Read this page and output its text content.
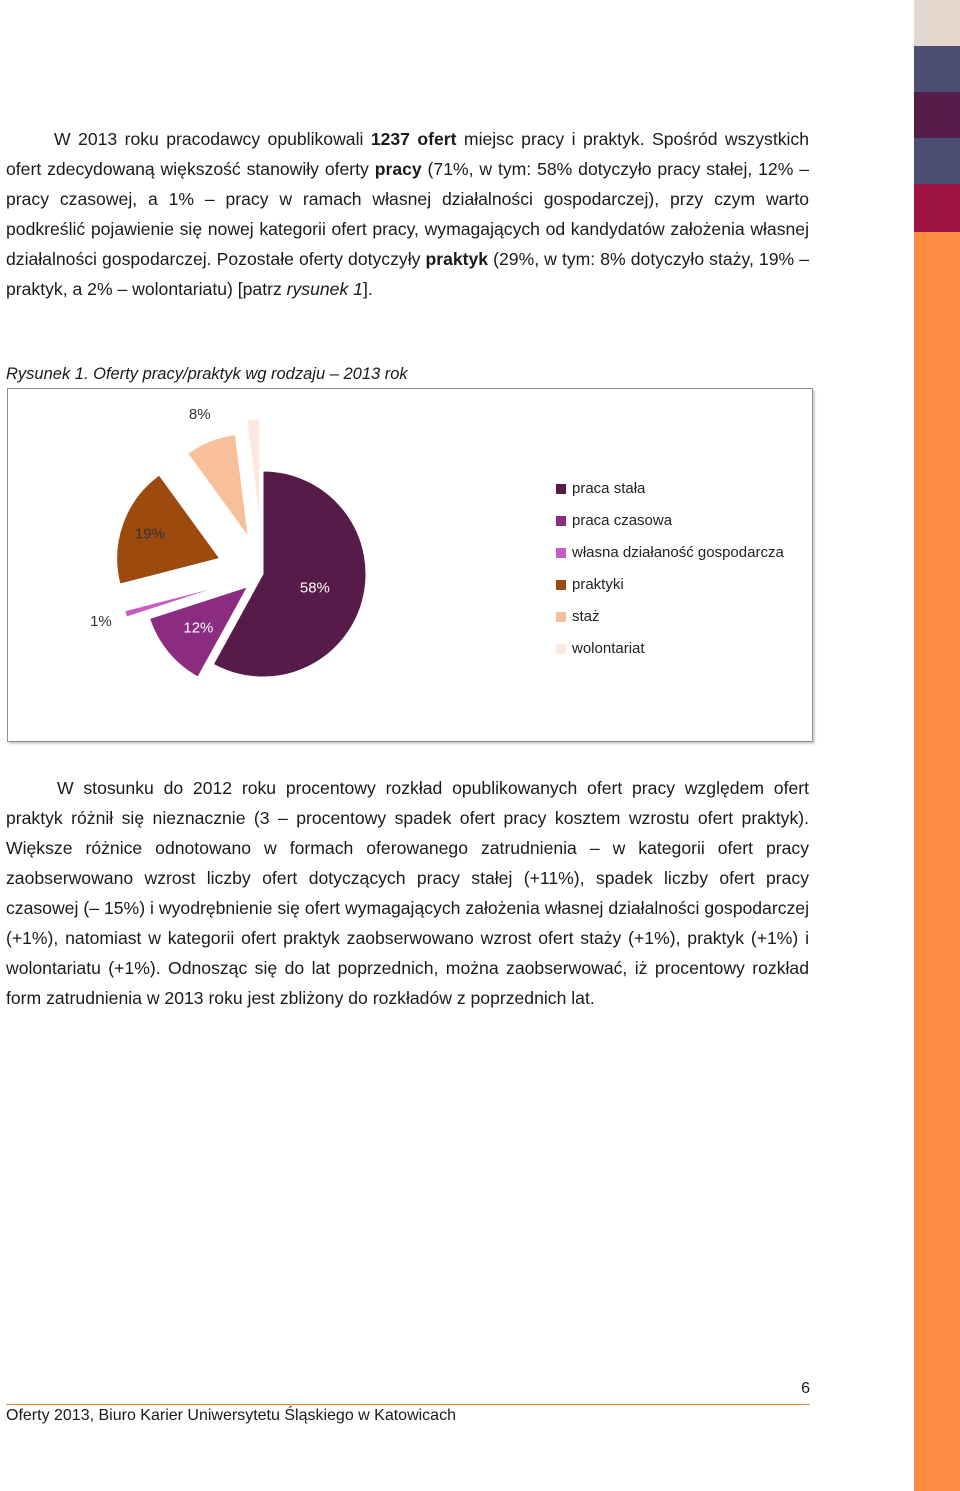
W 2013 roku pracodawcy opublikowali 1237 ofert miejsc pracy i praktyk. Spośród wszystkich ofert zdecydowaną większość stanowiły oferty pracy (71%, w tym: 58% dotyczyło pracy stałej, 12% – pracy czasowej, a 1% – pracy w ramach własnej działalności gospodarczej), przy czym warto podkreślić pojawienie się nowej kategorii ofert pracy, wymagających od kandydatów założenia własnej działalności gospodarczej. Pozostałe oferty dotyczyły praktyk (29%, w tym: 8% dotyczyło staży, 19% – praktyk, a 2% – wolontariatu) [patrz rysunek 1].

Rysunek 1. Oferty pracy/praktyk wg rodzaju – 2013 rok

58%
12%
1%
19%
8%
praca stała
praca czasowa
własna działaność gospodarcza
praktyki
staż
wolontariat

W stosunku do 2012 roku procentowy rozkład opublikowanych ofert pracy względem ofert praktyk różnił się nieznacznie (3 – procentowy spadek ofert pracy kosztem wzrostu ofert praktyk). Większe różnice odnotowano w formach oferowanego zatrudnienia – w kategorii ofert pracy zaobserwowano wzrost liczby ofert dotyczących pracy stałej (+11%), spadek liczby ofert pracy czasowej (– 15%) i wyodrębnienie się ofert wymagających założenia własnej działalności gospodarczej (+1%), natomiast w kategorii ofert praktyk zaobserwowano wzrost ofert staży (+1%), praktyk (+1%) i wolontariatu (+1%). Odnosząc się do lat poprzednich, można zaobserwować, iż procentowy rozkład form zatrudnienia w 2013 roku jest zbliżony do rozkładów z poprzednich lat.

6

Oferty 2013, Biuro Karier Uniwersytetu Śląskiego w Katowicach
